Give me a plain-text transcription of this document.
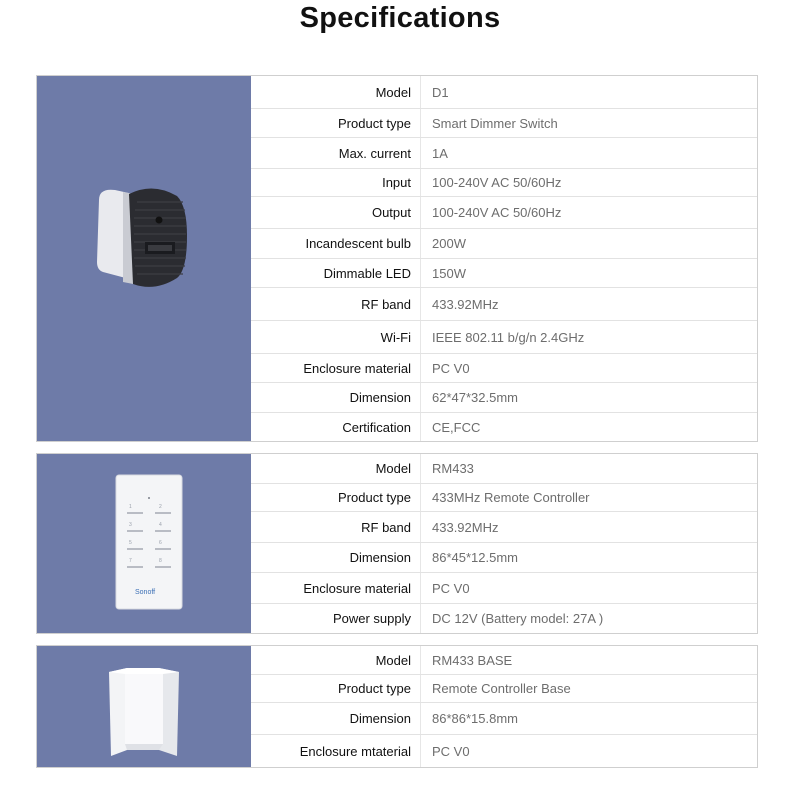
Specifications
Model D1
Product type Smart Dimmer Switch
Max. current 1A
Input 100-240V AC 50/60Hz
Output 100-240V AC 50/60Hz
Incandescent bulb 200W
Dimmable LED 150W
RF band 433.92MHz
Wi-Fi IEEE 802.11 b/g/n 2.4GHz
Enclosure material PC V0
Dimension 62*47*32.5mm
Certification CE,FCC
1	2
3	4
5	6
7	8
Sonoff
Model RM433
Product type 433MHz Remote Controller
RF band 433.92MHz
Dimension 86*45*12.5mm
Enclosure material PC V0
Power supply DC 12V (Battery model: 27A )
Model RM433 BASE
Product type Remote Controller Base
Dimension 86*86*15.8mm
Enclosure mtaterial PC V0
